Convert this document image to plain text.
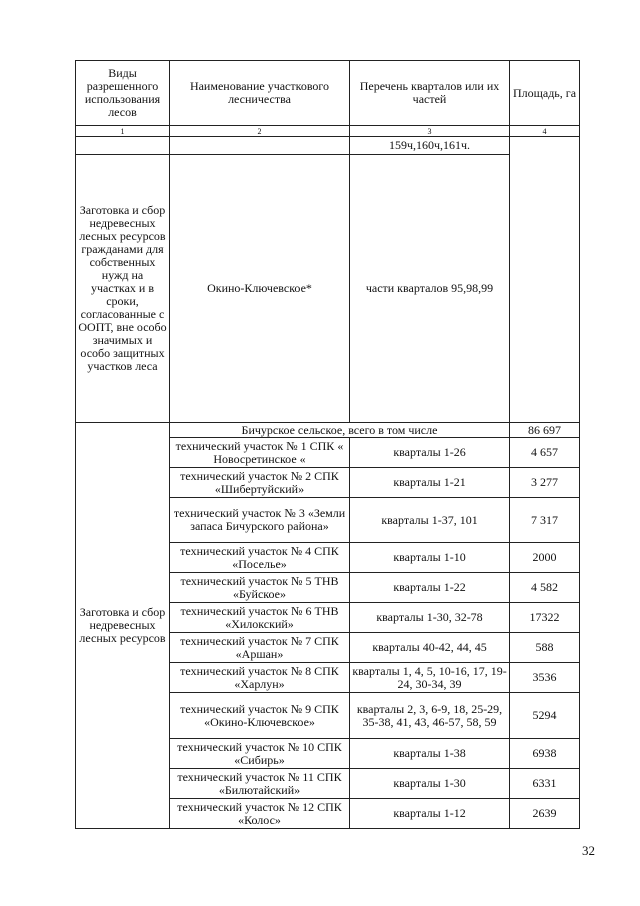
Виды разрешенного использования лесов	Наименование участкового лесничества	Перечень кварталов или их частей	Площадь, га
1	2	3	4
		159ч,160ч,161ч.	
Заготовка и сбор недревесных лесных ресурсов гражданами для собственных нужд на участках и в сроки, согласованные с ООПТ, вне особо значимых и особо защитных участков леса	Окино-Ключевское*	части кварталов 95,98,99	
Заготовка и сбор недревесных лесных ресурсов	Бичурское сельское, всего в том числе		86 697
	технический участок № 1 СПК « Новосретинское «	кварталы 1-26	4 657
	технический участок № 2 СПК «Шибертуйский»	кварталы 1-21	3 277
	технический участок № 3 «Земли запаса Бичурского района»	кварталы 1-37, 101	7 317
	технический участок № 4 СПК «Поселье»	кварталы 1-10	2000
	технический участок № 5 ТНВ «Буйское»	кварталы 1-22	4 582
	технический участок № 6 ТНВ «Хилокский»	кварталы 1-30, 32-78	17322
	технический участок № 7 СПК «Аршан»	кварталы 40-42, 44, 45	588
	технический участок № 8 СПК «Харлун»	кварталы 1, 4, 5, 10-16, 17, 19-24, 30-34, 39	3536
	технический участок № 9 СПК «Окино-Ключевское»	кварталы 2, 3, 6-9, 18, 25-29, 35-38, 41, 43, 46-57, 58, 59	5294
	технический участок № 10 СПК «Сибирь»	кварталы 1-38	6938
	технический участок № 11 СПК «Билютайский»	кварталы 1-30	6331
	технический участок № 12 СПК «Колос»	кварталы 1-12	2639
32
